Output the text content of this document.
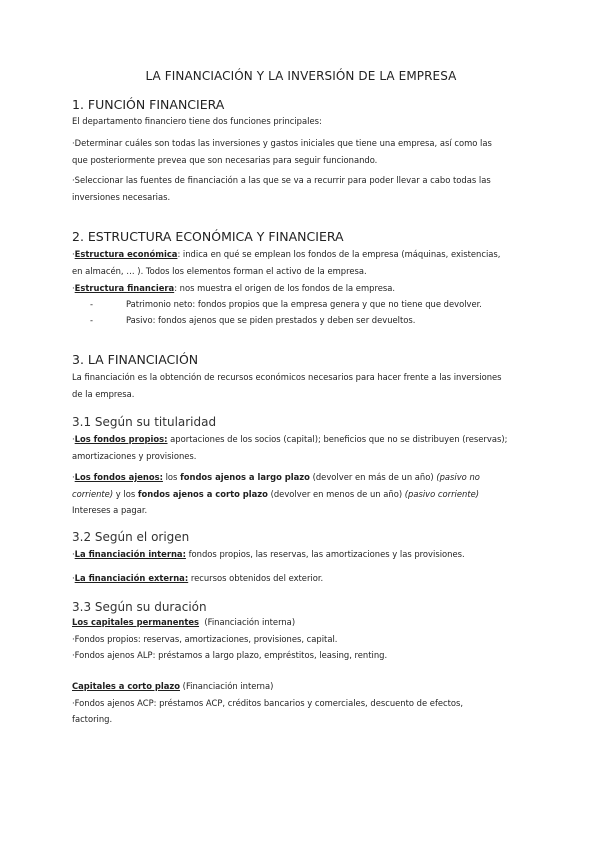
LA FINANCIACIÓN Y LA INVERSIÓN DE LA EMPRESA
1. FUNCIÓN FINANCIERA
El departamento financiero tiene dos funciones principales:
·Determinar cuáles son todas las inversiones y gastos iniciales que tiene una empresa, así como las
que posteriormente prevea que son necesarias para seguir funcionando.
·Seleccionar las fuentes de financiación a las que se va a recurrir para poder llevar a cabo todas las
inversiones necesarias.
2. ESTRUCTURA ECONÓMICA Y FINANCIERA
·Estructura económica: indica en qué se emplean los fondos de la empresa (máquinas, existencias,
en almacén, … ). Todos los elementos forman el activo de la empresa.
·Estructura financiera: nos muestra el origen de los fondos de la empresa.
-	Patrimonio neto: fondos propios que la empresa genera y que no tiene que devolver.
-	Pasivo: fondos ajenos que se piden prestados y deben ser devueltos.
3. LA FINANCIACIÓN
La financiación es la obtención de recursos económicos necesarios para hacer frente a las inversiones
de la empresa.
3.1 Según su titularidad
·Los fondos propios: aportaciones de los socios (capital); beneficios que no se distribuyen (reservas);
amortizaciones y provisiones.
·Los fondos ajenos: los fondos ajenos a largo plazo (devolver en más de un año) (pasivo no
corriente) y los fondos ajenos a corto plazo (devolver en menos de un año) (pasivo corriente)
Intereses a pagar.
3.2 Según el origen
·La financiación interna: fondos propios, las reservas, las amortizaciones y las provisiones.
·La financiación externa: recursos obtenidos del exterior.
3.3 Según su duración
Los capitales permanentes  (Financiación interna)
·Fondos propios: reservas, amortizaciones, provisiones, capital.
·Fondos ajenos ALP: préstamos a largo plazo, empréstitos, leasing, renting.
Capitales a corto plazo (Financiación interna)
·Fondos ajenos ACP: préstamos ACP, créditos bancarios y comerciales, descuento de efectos,
factoring.
